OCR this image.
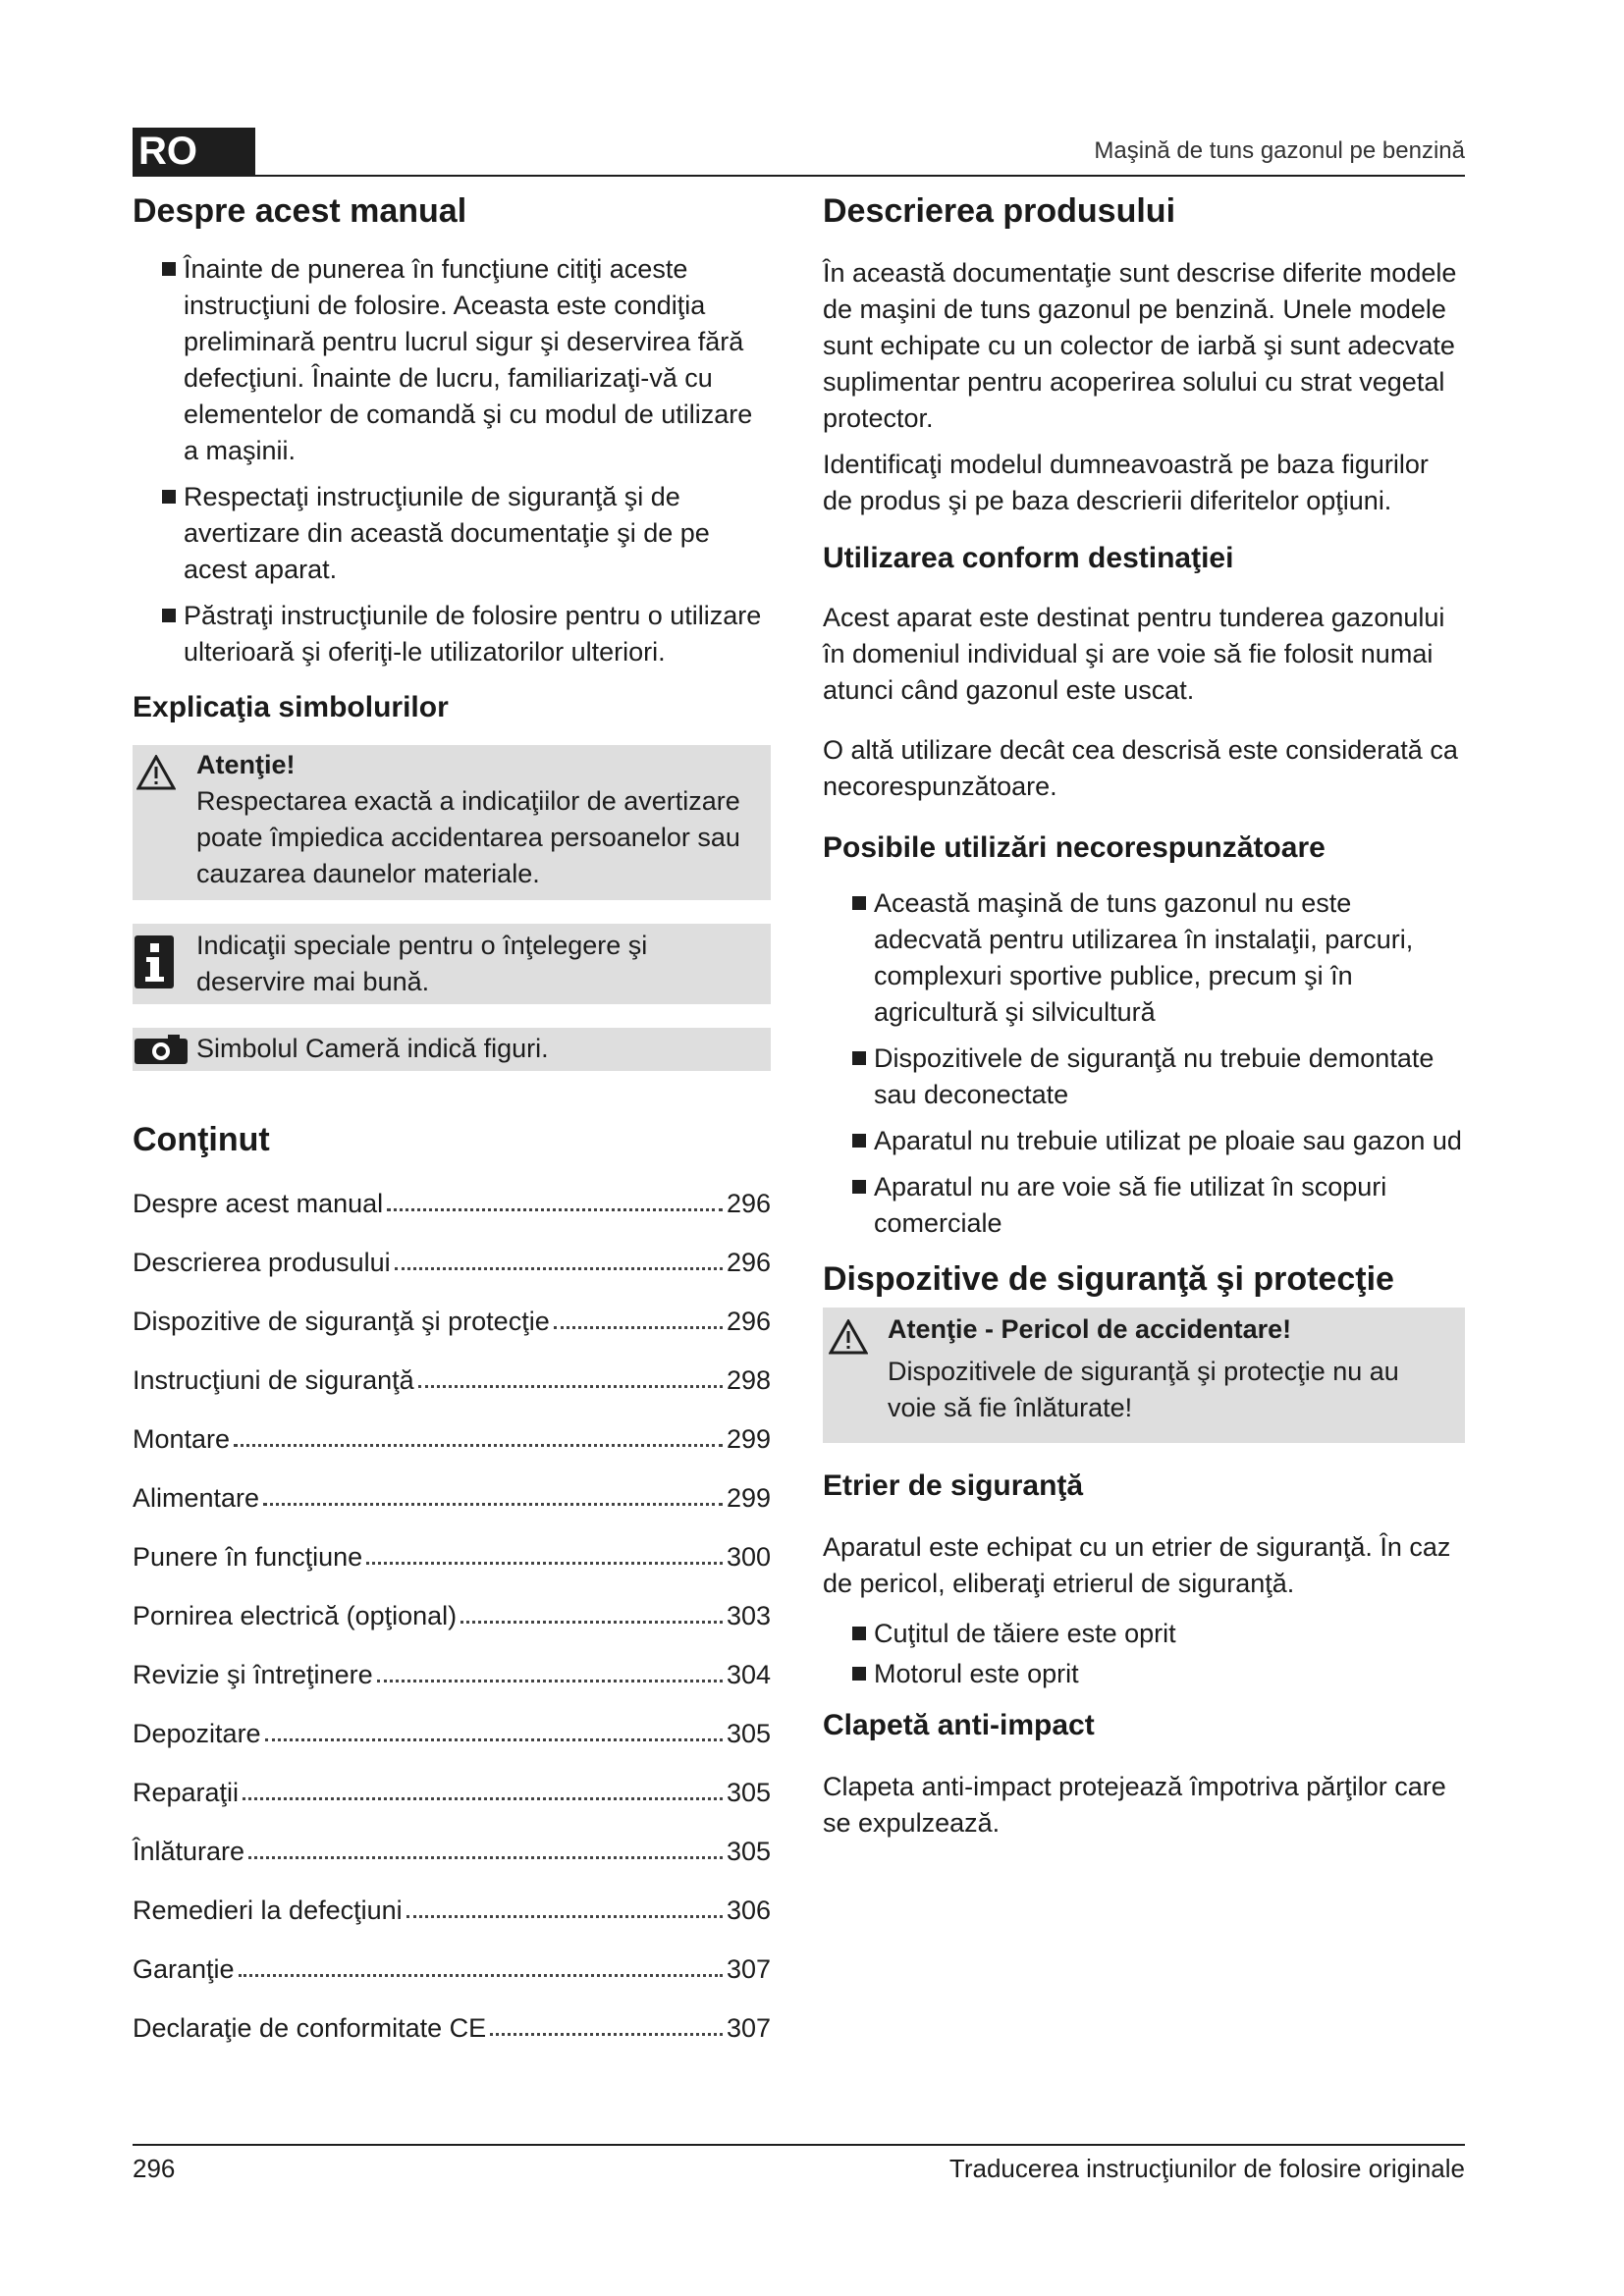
RO	Maşină de tuns gazonul pe benzină
Despre acest manual
Înainte de punerea în funcţiune citiţi aceste instrucţiuni de folosire. Aceasta este condiţia preliminară pentru lucrul sigur şi deservirea fără defecţiuni. Înainte de lucru, familiarizaţi-vă cu elementelor de comandă şi cu modul de utilizare a maşinii.
Respectaţi instrucţiunile de siguranţă şi de avertizare din această documentaţie şi de pe acest aparat.
Păstraţi instrucţiunile de folosire pentru o utilizare ulterioară şi oferiţi-le utilizatorilor ulteriori.
Explicaţia simbolurilor
Atenţie!

Respectarea exactă a indicaţiilor de avertizare poate împiedica accidentarea persoanelor sau cauzarea daunelor materiale.

Indicaţii speciale pentru o înţelegere şi deservire mai bună.

Simbolul Cameră indică figuri.

Conţinut
Despre acest manual	296
Descrierea produsului	296
Dispozitive de siguranţă şi protecţie	296
Instrucţiuni de siguranţă	298
Montare	299
Alimentare	299
Punere în funcţiune	300
Pornirea electrică (opţional)	303
Revizie şi întreţinere	304
Depozitare	305
Reparaţii	305
Înlăturare	305
Remedieri la defecţiuni	306
Garanţie	307
Declaraţie de conformitate CE	307
Descrierea produsului

În această documentaţie sunt descrise diferite modele de maşini de tuns gazonul pe benzină. Unele modele sunt echipate cu un colector de iarbă şi sunt adecvate suplimentar pentru acoperirea solului cu strat vegetal protector.

Identificaţi modelul dumneavoastră pe baza figurilor de produs şi pe baza descrierii diferitelor opţiuni.

Utilizarea conform destinaţiei

Acest aparat este destinat pentru tunderea gazonului în domeniul individual şi are voie să fie folosit numai atunci când gazonul este uscat.

O altă utilizare decât cea descrisă este considerată ca necorespunzătoare.

Posibile utilizări necorespunzătoare
Această maşină de tuns gazonul nu este adecvată pentru utilizarea în instalaţii, parcuri, complexuri sportive publice, precum şi în agricultură şi silvicultură
Dispozitivele de siguranţă nu trebuie demontate sau deconectate
Aparatul nu trebuie utilizat pe ploaie sau gazon ud
Aparatul nu are voie să fie utilizat în scopuri comerciale
Dispozitive de siguranţă şi protecţie
Atenţie - Pericol de accidentare!

Dispozitivele de siguranţă şi protecţie nu au voie să fie înlăturate!

Etrier de siguranţă

Aparatul este echipat cu un etrier de siguranţă. În caz de pericol, eliberaţi etrierul de siguranţă.

Cuţitul de tăiere este oprit
Motorul este oprit
Clapetă anti-impact

Clapeta anti-impact protejează împotriva părţilor care se expulzează.

296	Traducerea instrucţiunilor de folosire originale
